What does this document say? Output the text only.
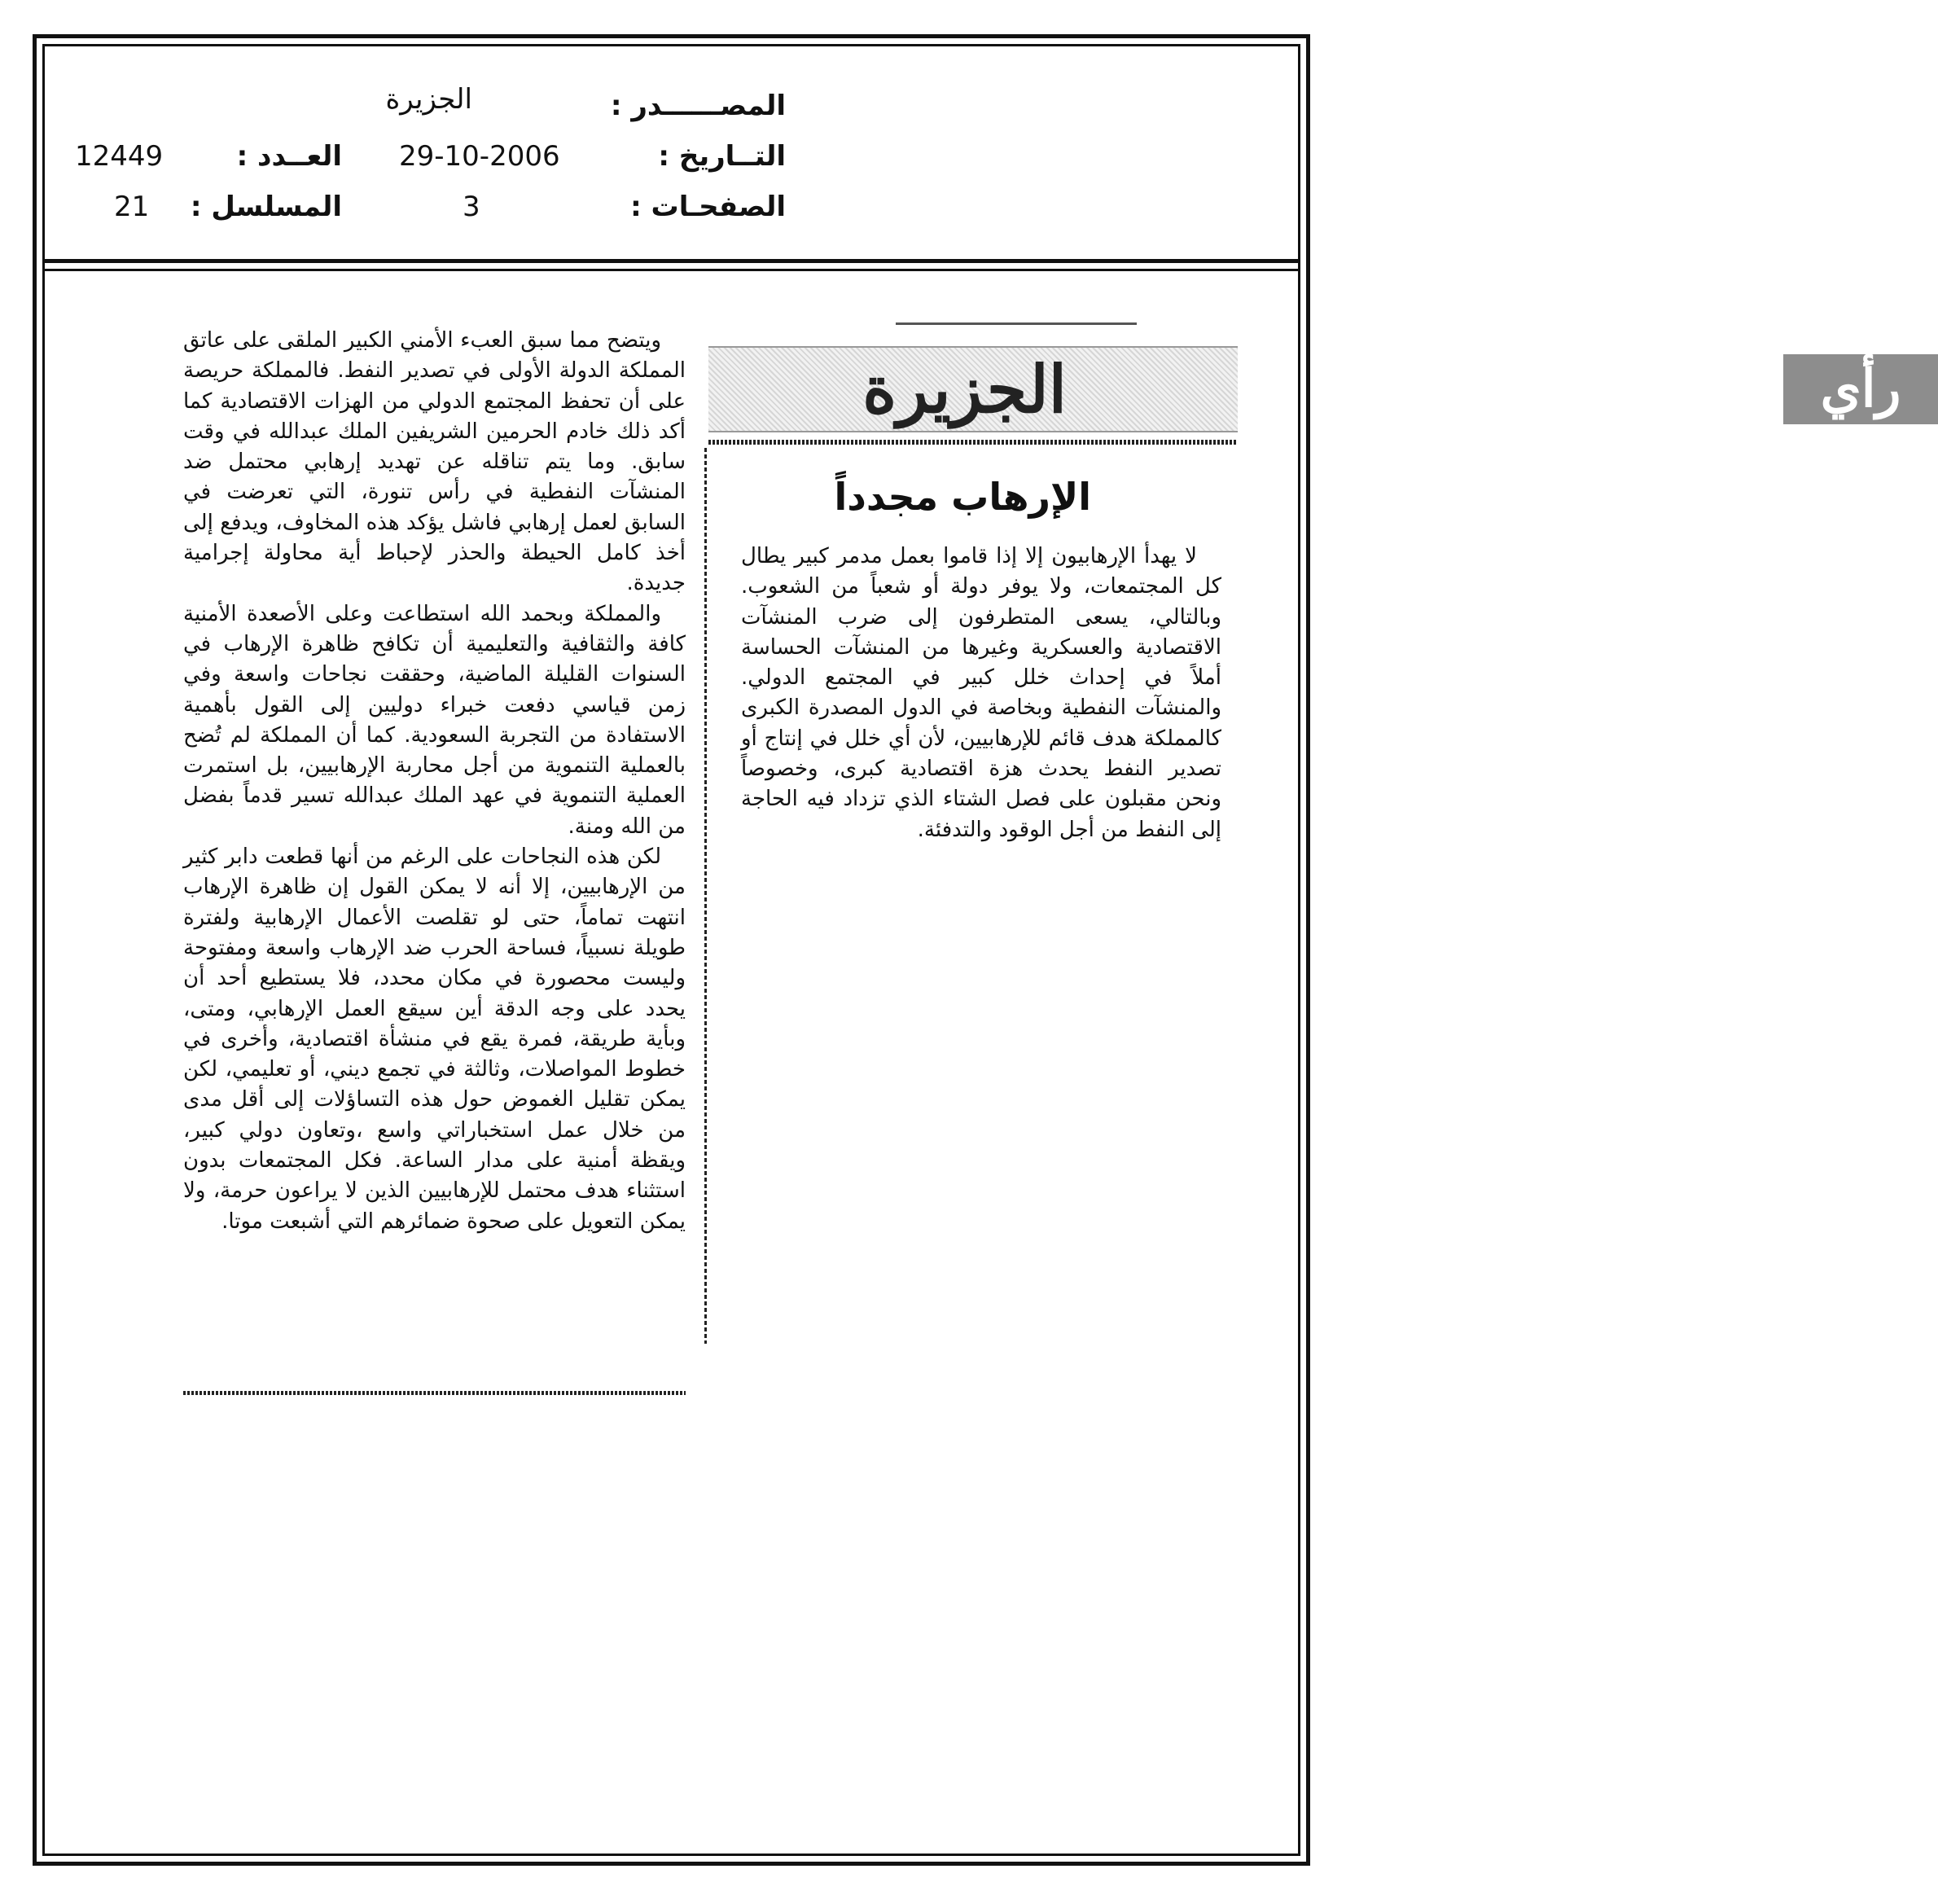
المصــــــدر :
الجزيرة
التــاريخ :
29-10-2006
العــدد :
12449
الصفحـات :
3
المسلسل :
21
رأي
الجزيرة
الإرهاب مجدداً

لا يهدأ الإرهابيون إلا إذا قاموا بعمل مدمر كبير يطال كل المجتمعات، ولا يوفر دولة أو شعباً من الشعوب. وبالتالي، يسعى المتطرفون إلى ضرب المنشآت الاقتصادية والعسكرية وغيرها من المنشآت الحساسة أملاً في إحداث خلل كبير في المجتمع الدولي. والمنشآت النفطية وبخاصة في الدول المصدرة الكبرى كالمملكة هدف قائم للإرهابيين، لأن أي خلل في إنتاج أو تصدير النفط يحدث هزة اقتصادية كبرى، وخصوصاً ونحن مقبلون على فصل الشتاء الذي تزداد فيه الحاجة إلى النفط من أجل الوقود والتدفئة.

ويتضح مما سبق العبء الأمني الكبير الملقى على عاتق المملكة الدولة الأولى في تصدير النفط. فالمملكة حريصة على أن تحفظ المجتمع الدولي من الهزات الاقتصادية كما أكد ذلك خادم الحرمين الشريفين الملك عبدالله في وقت سابق. وما يتم تناقله عن تهديد إرهابي محتمل ضد المنشآت النفطية في رأس تنورة، التي تعرضت في السابق لعمل إرهابي فاشل يؤكد هذه المخاوف، ويدفع إلى أخذ كامل الحيطة والحذر لإحباط أية محاولة إجرامية جديدة.

والمملكة وبحمد الله استطاعت وعلى الأصعدة الأمنية كافة والثقافية والتعليمية أن تكافح ظاهرة الإرهاب في السنوات القليلة الماضية، وحققت نجاحات واسعة وفي زمن قياسي دفعت خبراء دوليين إلى القول بأهمية الاستفادة من التجربة السعودية. كما أن المملكة لم تُضح بالعملية التنموية من أجل محاربة الإرهابيين، بل استمرت العملية التنموية في عهد الملك عبدالله تسير قدماً بفضل من الله ومنة.

لكن هذه النجاحات على الرغم من أنها قطعت دابر كثير من الإرهابيين، إلا أنه لا يمكن القول إن ظاهرة الإرهاب انتهت تماماً، حتى لو تقلصت الأعمال الإرهابية ولفترة طويلة نسبياً، فساحة الحرب ضد الإرهاب واسعة ومفتوحة وليست محصورة في مكان محدد، فلا يستطيع أحد أن يحدد على وجه الدقة أين سيقع العمل الإرهابي، ومتى، وبأية طريقة، فمرة يقع في منشأة اقتصادية، وأخرى في خطوط المواصلات، وثالثة في تجمع ديني، أو تعليمي، لكن يمكن تقليل الغموض حول هذه التساؤلات إلى أقل مدى من خلال عمل استخباراتي واسع ،وتعاون دولي كبير، ويقظة أمنية على مدار الساعة. فكل المجتمعات بدون استثناء هدف محتمل للإرهابيين الذين لا يراعون حرمة، ولا يمكن التعويل على صحوة ضمائرهم التي أشبعت موتا.
